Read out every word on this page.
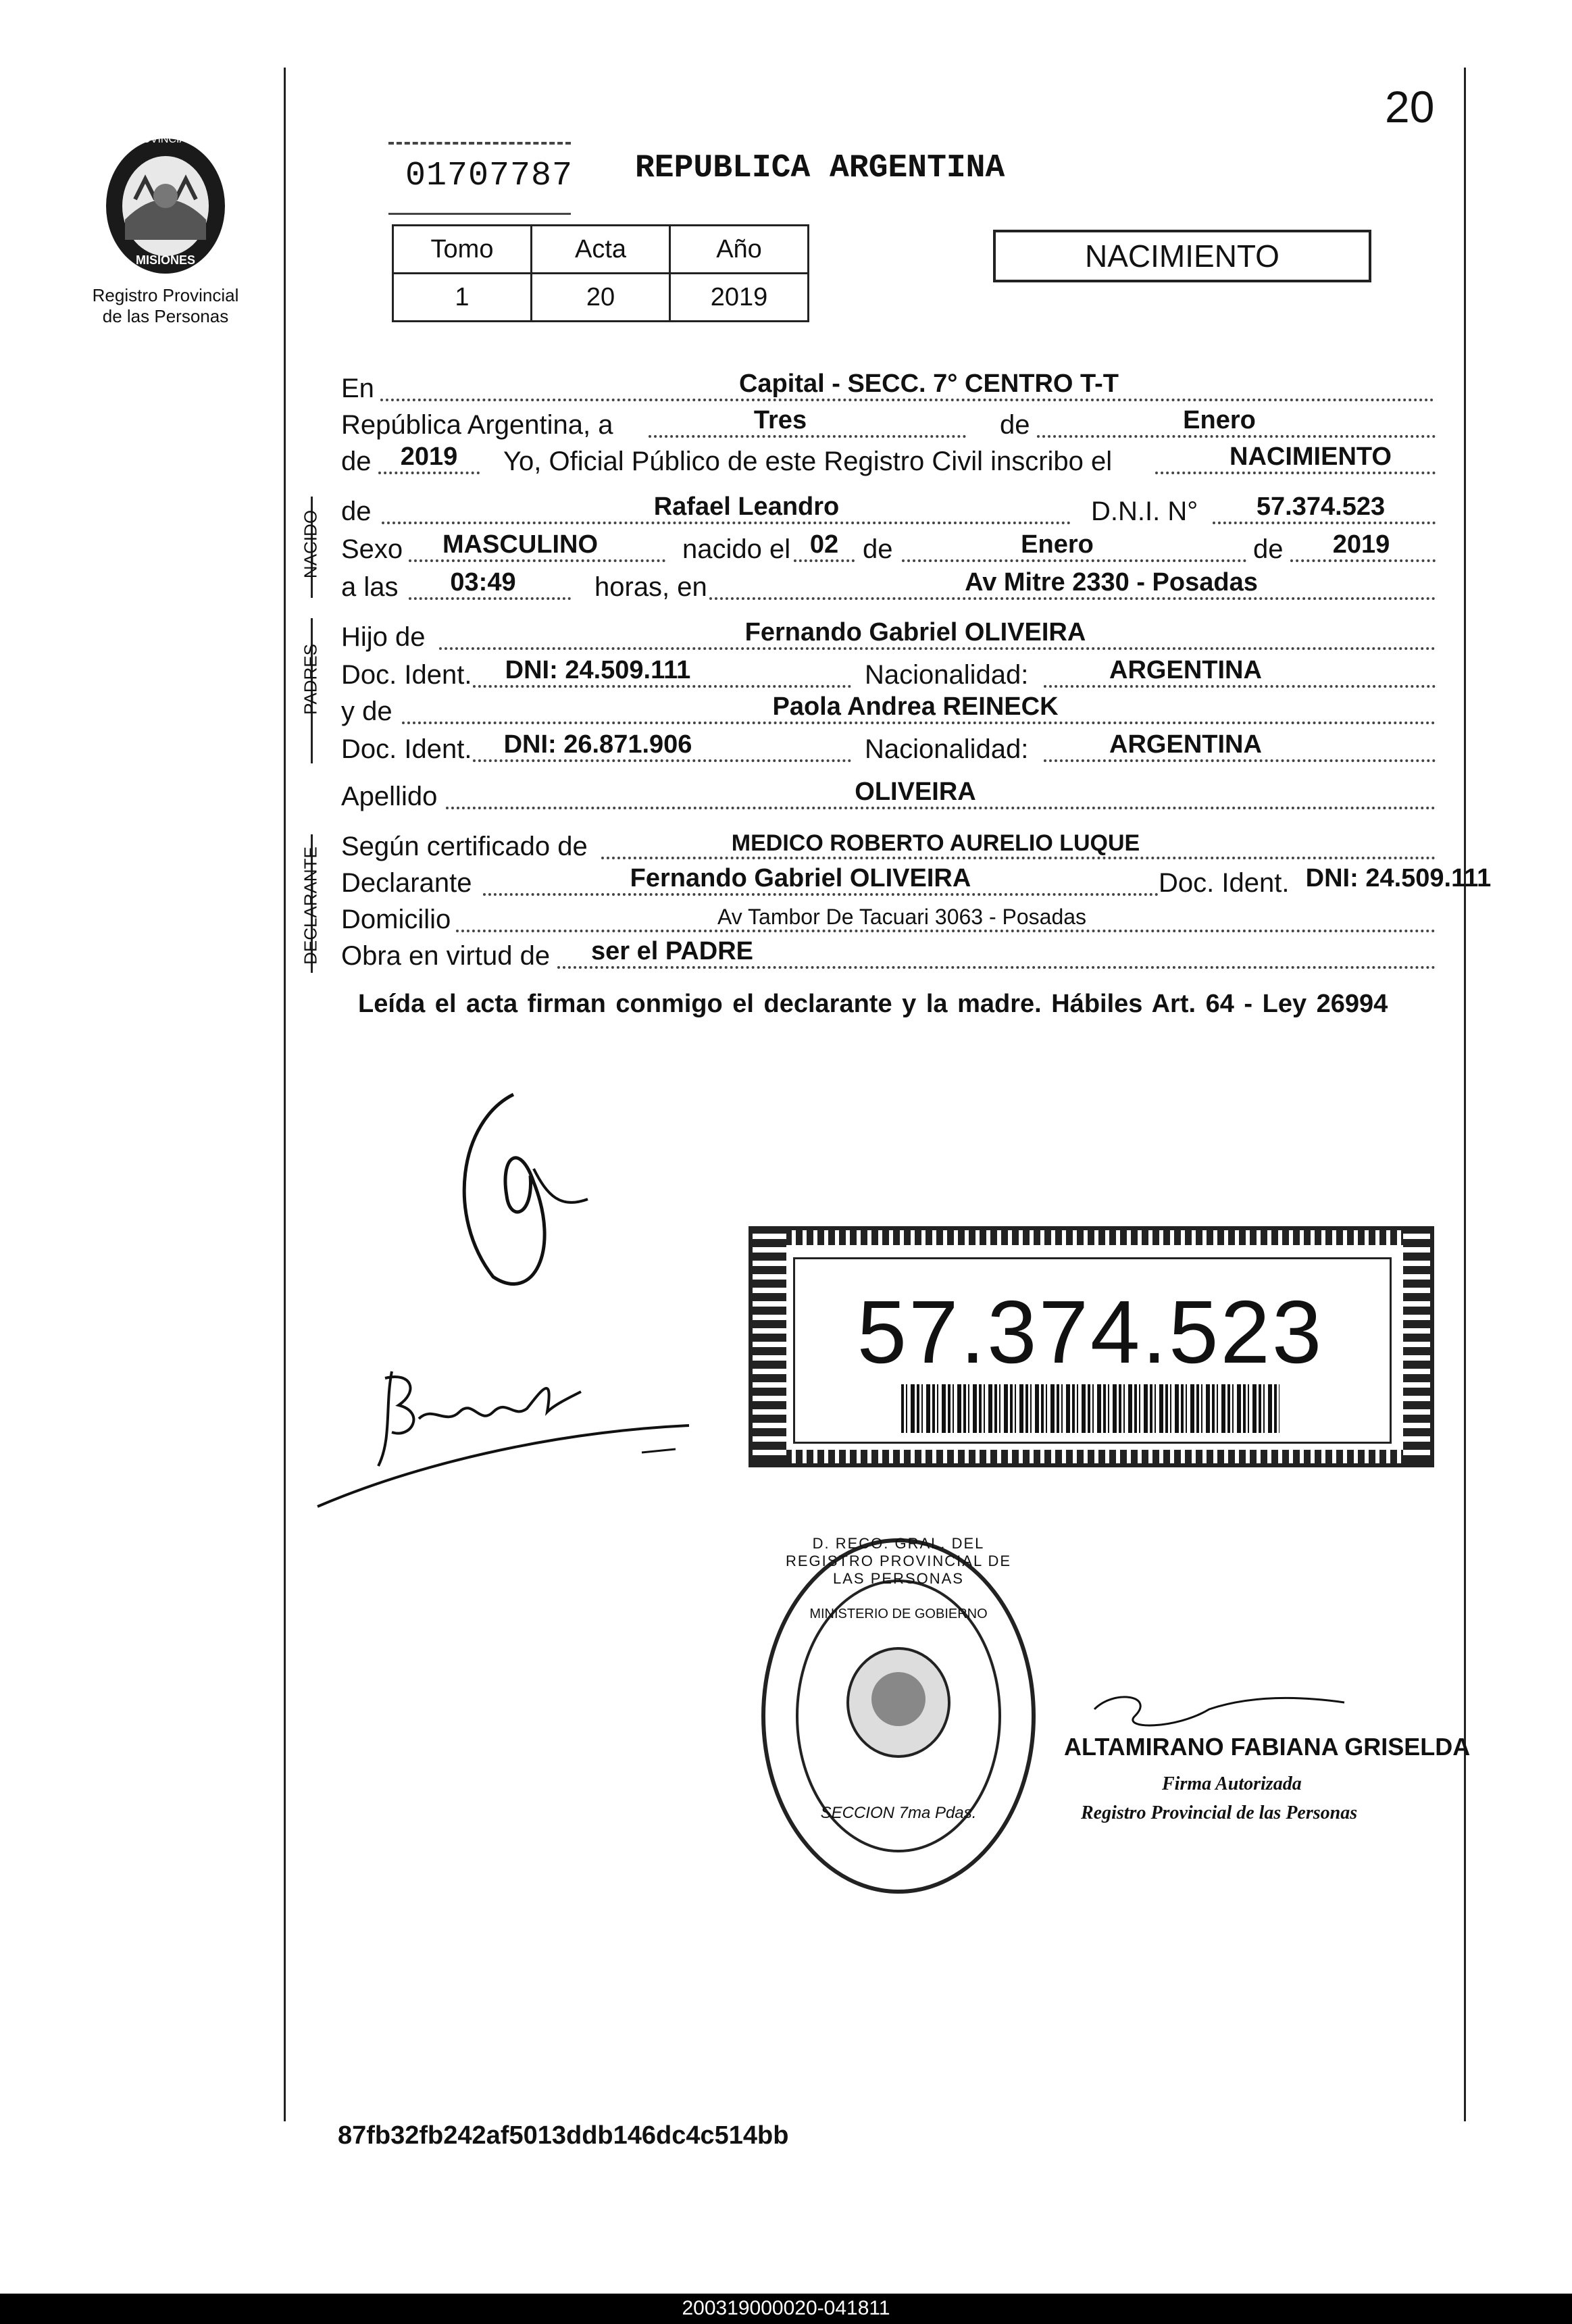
20
PROVINCIA DE
MISIONES
Registro Provincial
de las Personas
01707787 REPUBLICA ARGENTINA
Tomo	Acta	Año
1	20	2019
NACIMIENTO
En	Capital - SECC. 7° CENTRO T-T
República Argentina, a	Tres	de	Enero
de	2019	Yo, Oficial Público de este Registro Civil inscribo el	NACIMIENTO
NACIDO de	Rafael Leandro	D.N.I. N°	57.374.523
Sexo	MASCULINO	nacido el 02 de	Enero	de	2019
a las	03:49	horas, en	Av Mitre 2330 - Posadas
PADRES
Hijo de	Fernando Gabriel OLIVEIRA
Doc. Ident.	DNI: 24.509.111	Nacionalidad:	ARGENTINA
y de	Paola Andrea REINECK
Doc. Ident.	DNI: 26.871.906	Nacionalidad:	ARGENTINA
Apellido	OLIVEIRA
DECLARANTE
Según certificado de	MEDICO ROBERTO AURELIO LUQUE
Declarante	Fernando Gabriel OLIVEIRA	Doc. Ident. DNI: 24.509.111
Domicilio	Av Tambor De Tacuari 3063 - Posadas
Obra en virtud de	ser el PADRE
Leída el acta firman conmigo el declarante y la madre. Hábiles Art. 64 - Ley 26994
57.374.523
D. RECO. GRAL. DEL REGISTRO PROVINCIAL DE LAS PERSONAS
MINISTERIO DE GOBIERNO
SECCION 7ma Pdas.
ALTAMIRANO FABIANA GRISELDA
Firma Autorizada
Registro Provincial de las Personas
87fb32fb242af5013ddb146dc4c514bb
200319000020-041811
